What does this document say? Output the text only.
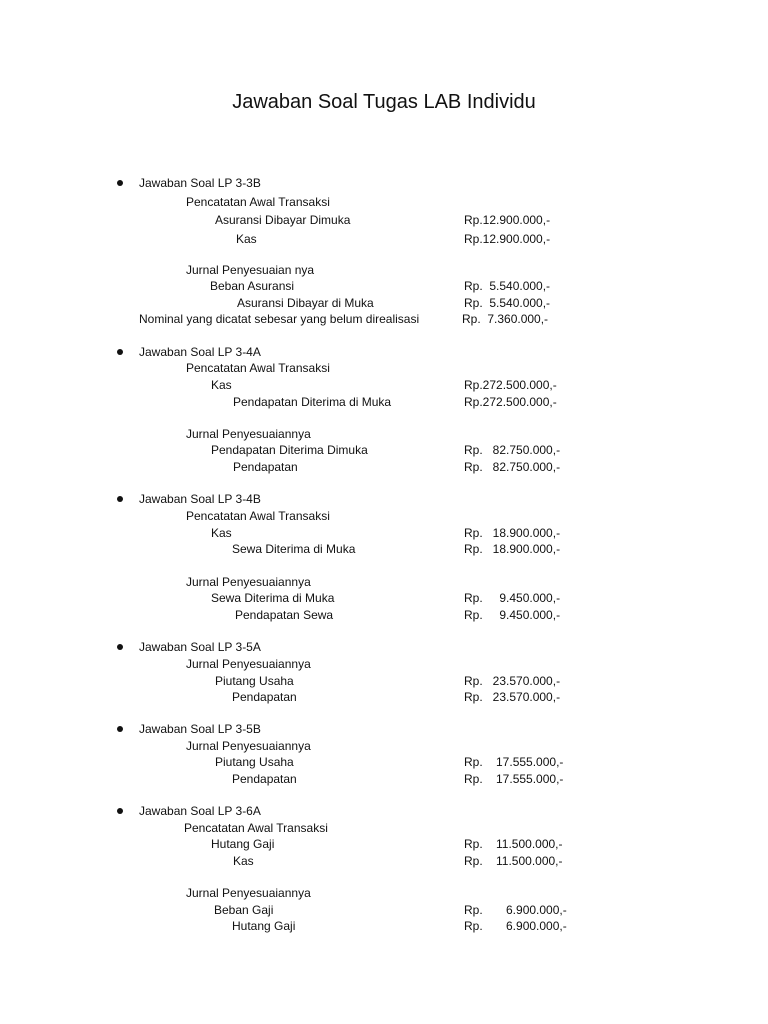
Jawaban Soal Tugas LAB Individu
Jawaban Soal LP 3-3B
Pencatatan Awal Transaksi
Asuransi Dibayar Dimuka	Rp.12.900.000,-
Kas	Rp.12.900.000,-
Jurnal Penyesuaian nya
Beban Asuransi	Rp.  5.540.000,-
Asuransi Dibayar di Muka	Rp.  5.540.000,-
Nominal yang dicatat sebesar yang belum direalisasi	Rp.  7.360.000,-
Jawaban Soal LP 3-4A
Pencatatan Awal Transaksi
Kas	Rp.272.500.000,-
Pendapatan Diterima di Muka	Rp.272.500.000,-
Jurnal Penyesuaiannya
Pendapatan Diterima Dimuka	Rp.   82.750.000,-
Pendapatan	Rp.   82.750.000,-
Jawaban Soal LP 3-4B
Pencatatan Awal Transaksi
Kas	Rp.   18.900.000,-
Sewa Diterima di Muka	Rp.   18.900.000,-
Jurnal Penyesuaiannya
Sewa Diterima di Muka	Rp.     9.450.000,-
Pendapatan Sewa	Rp.     9.450.000,-
Jawaban Soal LP 3-5A
Jurnal Penyesuaiannya
Piutang Usaha	Rp.   23.570.000,-
Pendapatan	Rp.   23.570.000,-
Jawaban Soal LP 3-5B
Jurnal Penyesuaiannya
Piutang Usaha	Rp.    17.555.000,-
Pendapatan	Rp.    17.555.000,-
Jawaban Soal LP 3-6A
Pencatatan Awal Transaksi
Hutang Gaji	Rp.    11.500.000,-
Kas	Rp.    11.500.000,-
Jurnal Penyesuaiannya
Beban Gaji	Rp.       6.900.000,-
Hutang Gaji	Rp.       6.900.000,-
